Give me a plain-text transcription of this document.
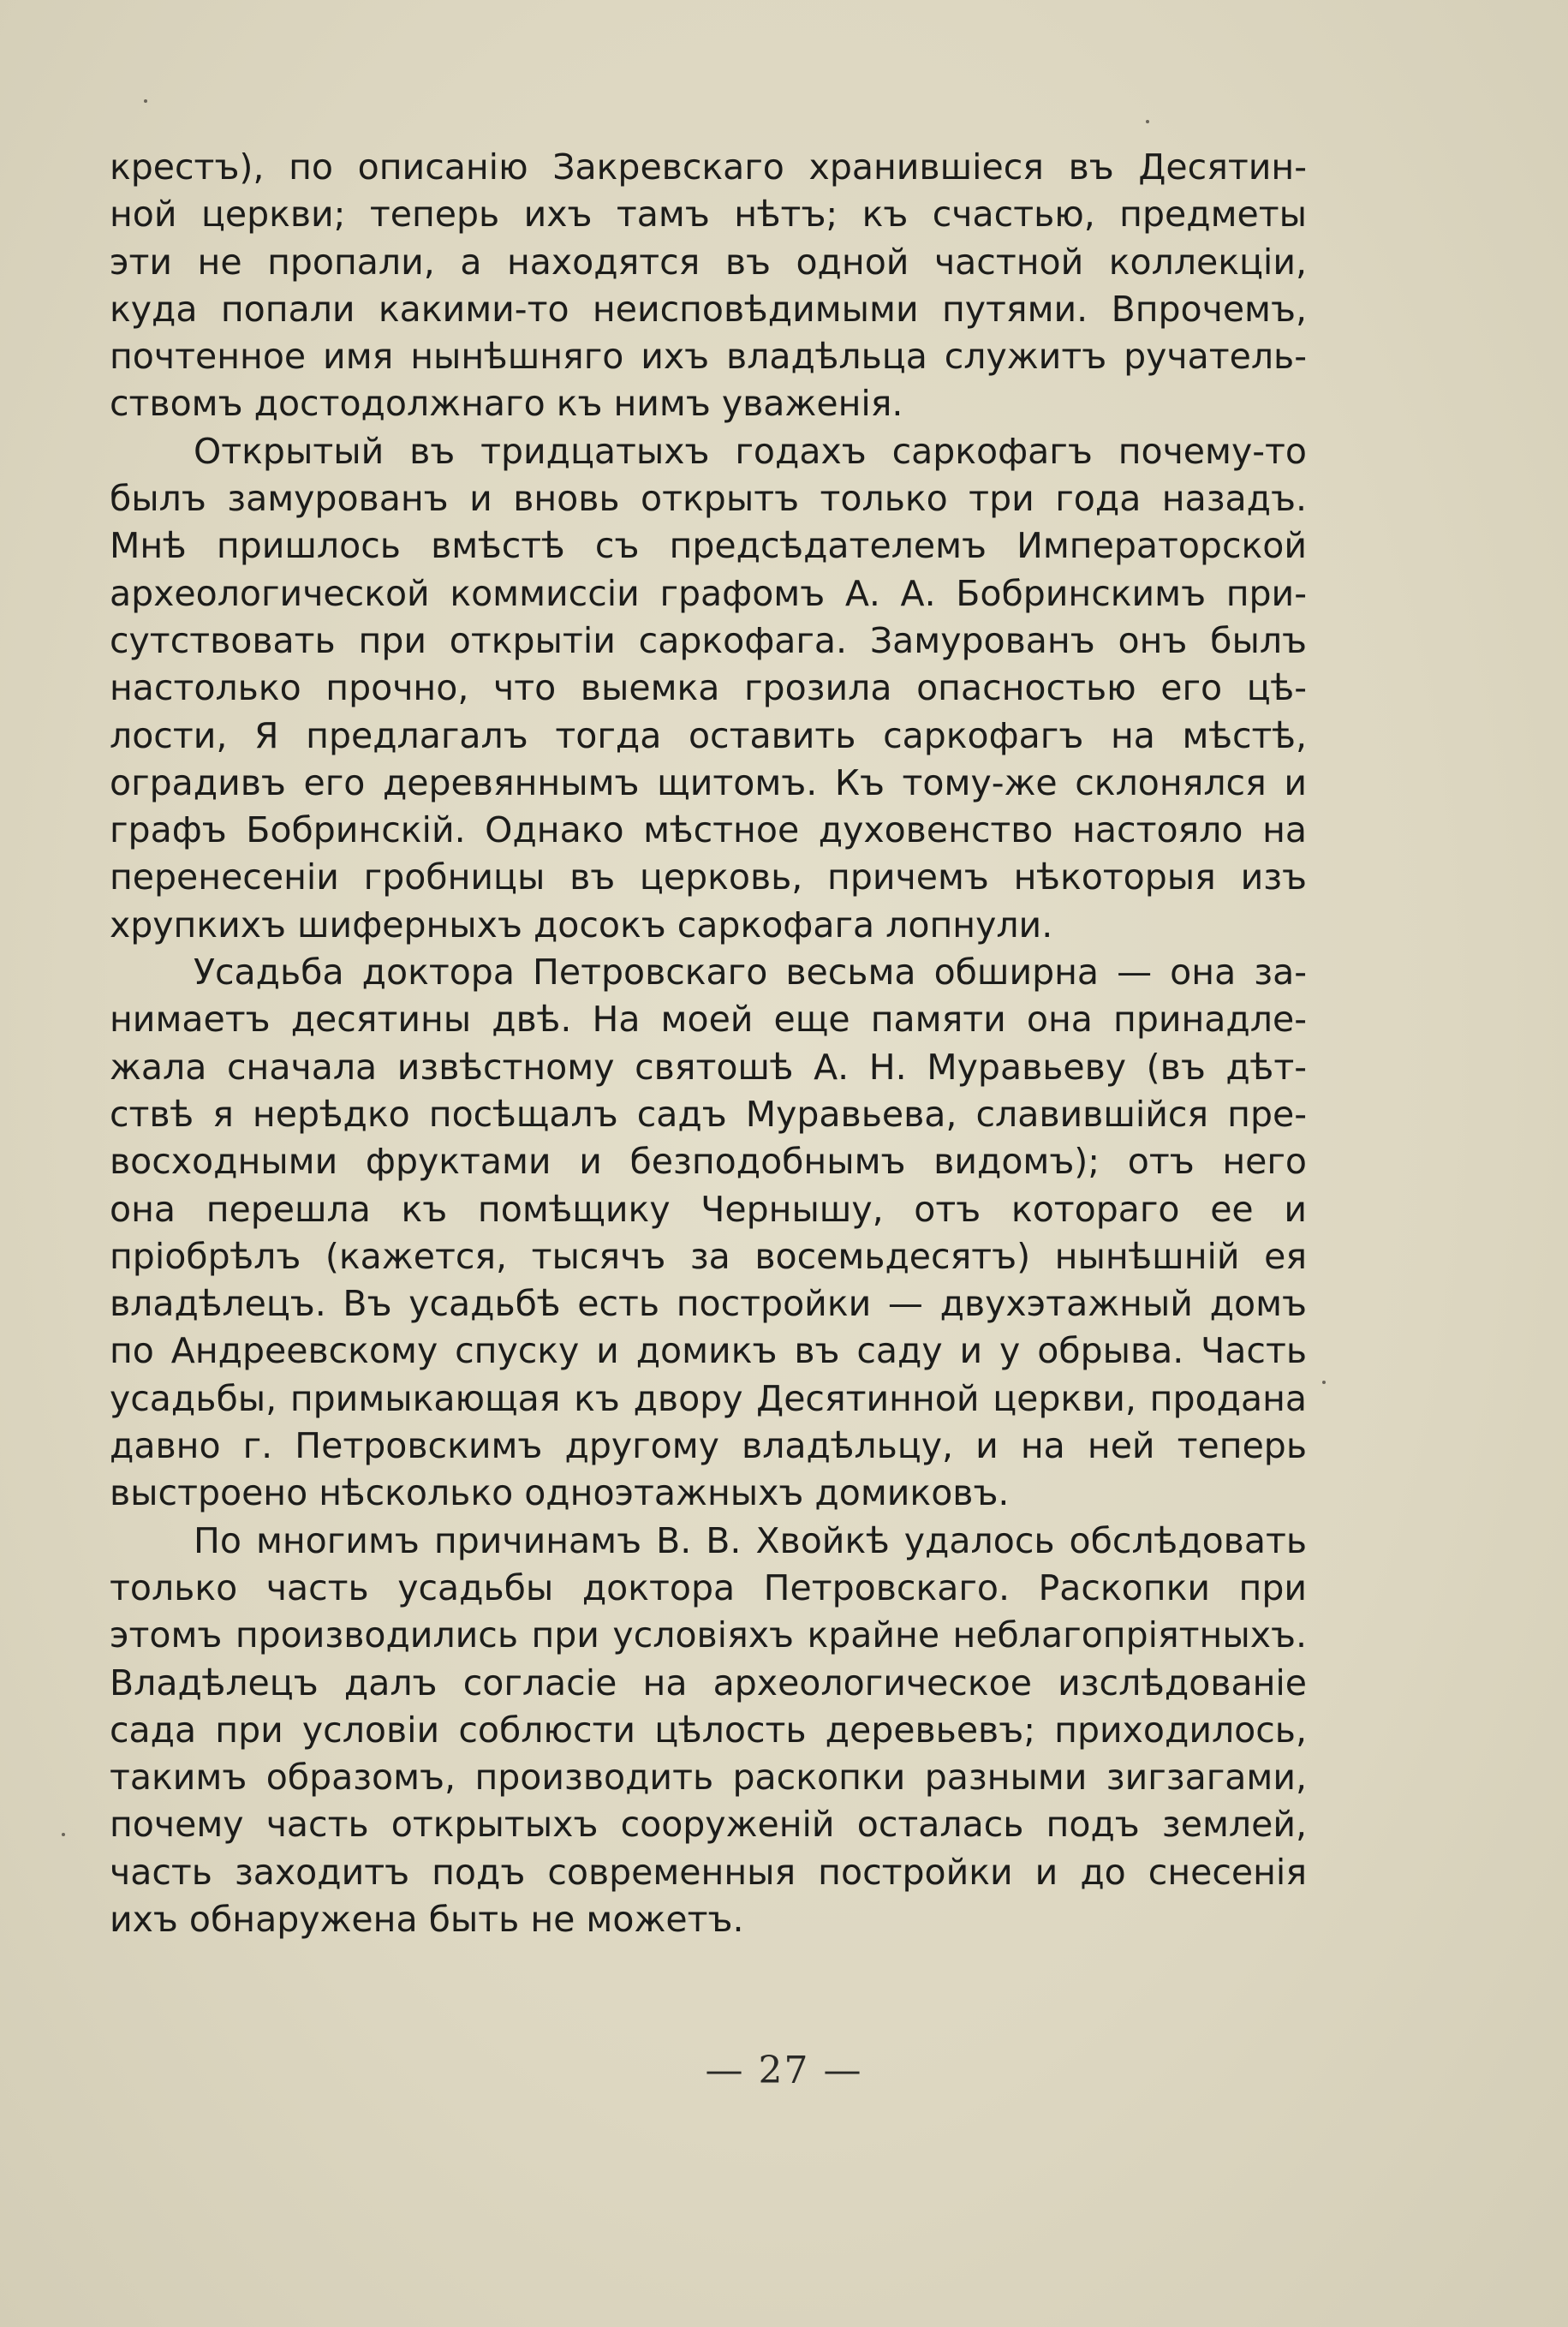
крестъ), по описанію Закревскаго хранившіеся въ Десятин-
ной церкви; теперь ихъ тамъ нѣтъ; къ счастью, предметы
эти не пропали, а находятся въ одной частной коллекціи,
куда попали какими-то неисповѣдимыми путями. Впрочемъ,
почтенное имя нынѣшняго ихъ владѣльца служитъ ручатель-
ствомъ достодолжнаго къ нимъ уваженія.

Открытый въ тридцатыхъ годахъ саркофагъ почему-то
былъ замурованъ и вновь открытъ только три года назадъ.
Мнѣ пришлось вмѣстѣ съ предсѣдателемъ Императорской
археологической коммиссіи графомъ А. А. Бобринскимъ при-
сутствовать при открытіи саркофага. Замурованъ онъ былъ
настолько прочно, что выемка грозила опасностью его цѣ-
лости, Я предлагалъ тогда оставить саркофагъ на мѣстѣ,
оградивъ его деревяннымъ щитомъ. Къ тому-же склонялся и
графъ Бобринскій. Однако мѣстное духовенство настояло на
перенесеніи гробницы въ церковь, причемъ нѣкоторыя изъ
хрупкихъ шиферныхъ досокъ саркофага лопнули.

Усадьба доктора Петровскаго весьма обширна — она за-
нимаетъ десятины двѣ. На моей еще памяти она принадле-
жала сначала извѣстному святошѣ А. Н. Муравьеву (въ дѣт-
ствѣ я нерѣдко посѣщалъ садъ Муравьева, славившійся пре-
восходными фруктами и безподобнымъ видомъ); отъ него
она перешла къ помѣщику Чернышу, отъ котораго ее и
пріобрѣлъ (кажется, тысячъ за восемьдесятъ) нынѣшній ея
владѣлецъ. Въ усадьбѣ есть постройки — двухэтажный домъ
по Андреевскому спуску и домикъ въ саду и у обрыва. Часть
усадьбы, примыкающая къ двору Десятинной церкви, продана
давно г. Петровскимъ другому владѣльцу, и на ней теперь
выстроено нѣсколько одноэтажныхъ домиковъ.

По многимъ причинамъ В. В. Хвойкѣ удалось обслѣдовать
только часть усадьбы доктора Петровскаго. Раскопки при
этомъ производились при условіяхъ крайне неблагопріятныхъ.
Владѣлецъ далъ согласіе на археологическое изслѣдованіе
сада при условіи соблюсти цѣлость деревьевъ; приходилось,
такимъ образомъ, производить раскопки разными зигзагами,
почему часть открытыхъ сооруженій осталась подъ землей,
часть заходитъ подъ современныя постройки и до снесенія
ихъ обнаружена быть не можетъ.

— 27 —
